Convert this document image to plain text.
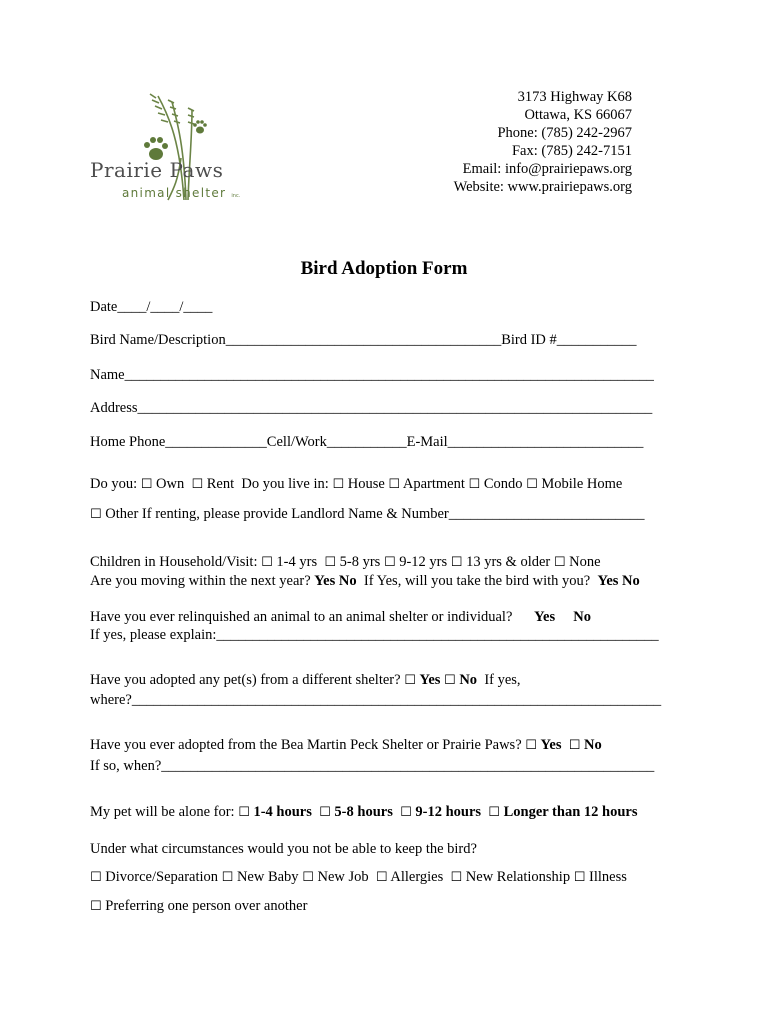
Prairie Paws
animal shelter inc.
3173 Highway K68
Ottawa, KS 66067
Phone: (785) 242-2967
Fax: (785) 242-7151
Email: info@prairiepaws.org
Website: www.prairiepaws.org
Bird Adoption Form
Date____/____/____
Bird Name/Description______________________________________Bird ID #___________
Name_________________________________________________________________________
Address_______________________________________________________________________
Home Phone______________Cell/Work___________E-Mail___________________________
Do you: ☐ Own ☐ Rent Do you live in: ☐ House ☐ Apartment ☐ Condo ☐ Mobile Home
☐ Other If renting, please provide Landlord Name & Number___________________________
Children in Household/Visit: ☐ 1-4 yrs ☐ 5-8 yrs ☐ 9-12 yrs ☐ 13 yrs & older ☐ None
Are you moving within the next year? Yes No If Yes, will you take the bird with you? Yes No
Have you ever relinquished an animal to an animal shelter or individual? Yes No
If yes, please explain:_____________________________________________________________
Have you adopted any pet(s) from a different shelter? ☐ Yes ☐ No If yes,
where?_________________________________________________________________________
Have you ever adopted from the Bea Martin Peck Shelter or Prairie Paws? ☐ Yes ☐ No
If so, when?____________________________________________________________________
My pet will be alone for: ☐ 1-4 hours ☐ 5-8 hours ☐ 9-12 hours ☐ Longer than 12 hours
Under what circumstances would you not be able to keep the bird?
☐ Divorce/Separation ☐ New Baby ☐ New Job ☐ Allergies ☐ New Relationship ☐ Illness
☐ Preferring one person over another
